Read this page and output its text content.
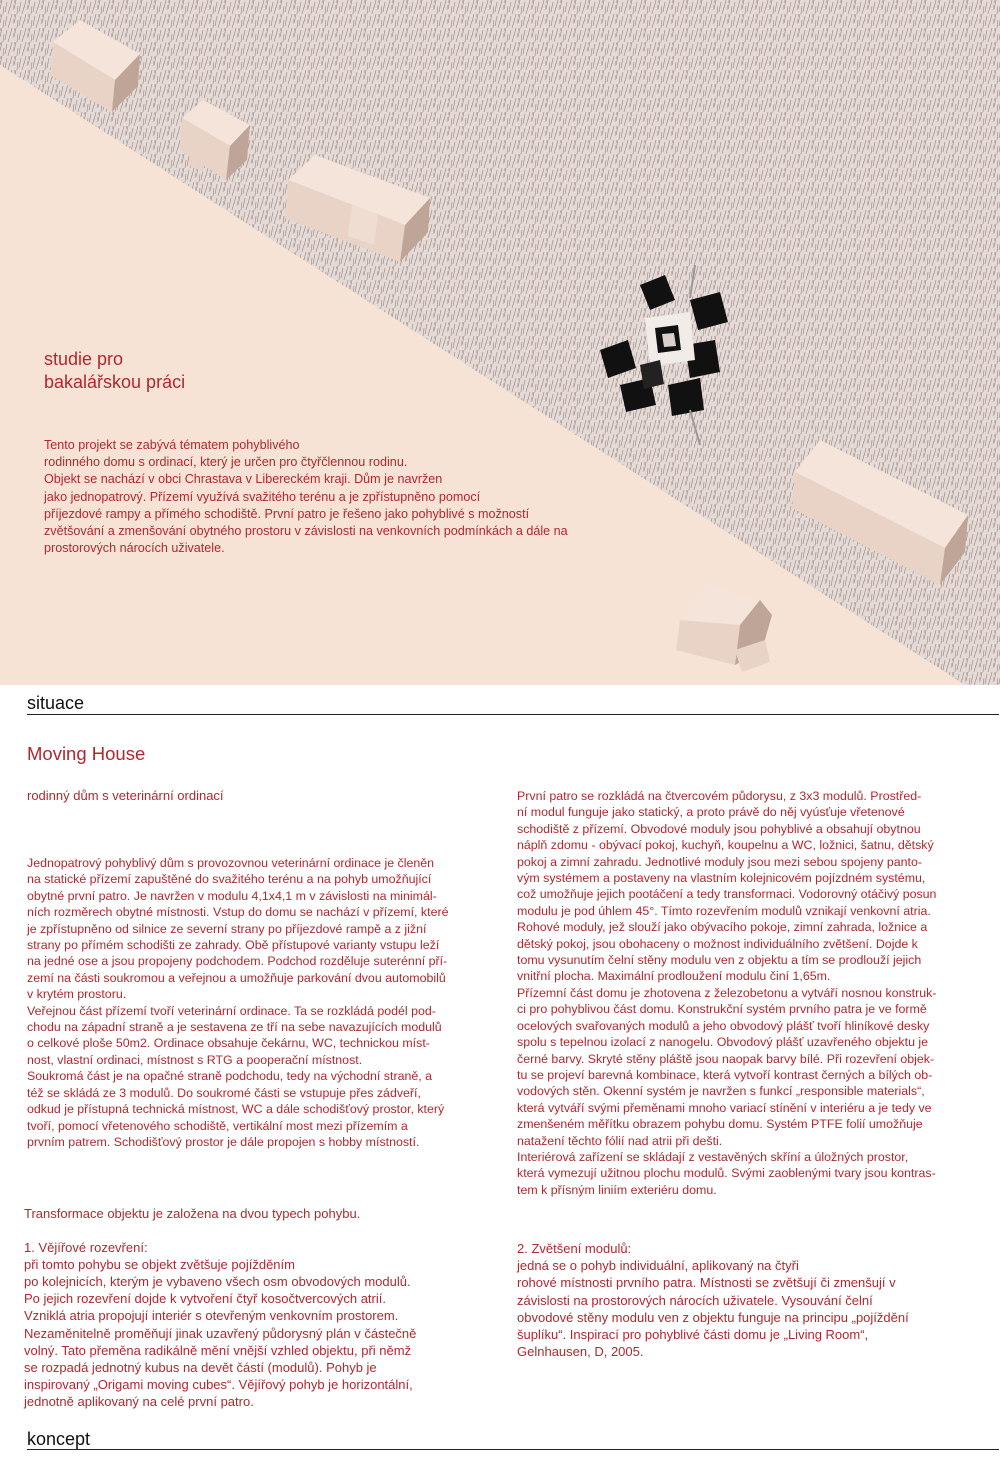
studie pro
bakalářskou práci
Tento projekt se zabývá tématem pohyblivého
rodinného domu s ordinací, který je určen pro čtyřčlennou rodinu.
Objekt se nachází v obci Chrastava v Libereckém kraji. Dům je navržen
jako jednopatrový. Přízemí využívá svažitého terénu a je zpřístupněno pomocí
příjezdové rampy a přímého schodiště. První patro je řešeno jako pohyblivé s možností
zvětšování a zmenšování obytného prostoru v závislosti na venkovních podmínkách a dále na
prostorových nárocích uživatele.
situace
Moving House
rodinný dům s veterinární ordinací
Jednopatrový pohyblivý dům s provozovnou veterinární ordinace je členěn
na statické přízemí zapuštěné do svažitého terénu a na pohyb umožňující
obytné první patro. Je navržen v modulu 4,1x4,1 m v závislosti na minimál-
ních rozměrech obytné místnosti. Vstup do domu se nachází v přízemí, které
je zpřístupněno od silnice ze severní strany po příjezdové rampě a z jižní
strany po přímém schodišti ze zahrady. Obě přístupové varianty vstupu leží
na jedné ose a jsou propojeny podchodem. Podchod rozděluje suterénní pří-
zemí na části soukromou a veřejnou a umožňuje parkování dvou automobilů
v krytém prostoru.
Veřejnou část přízemí tvoří veterinární ordinace. Ta se rozkládá podél pod-
chodu na západní straně a je sestavena ze tří na sebe navazujících modulů
o celkové ploše 50m2. Ordinace obsahuje čekárnu, WC, technickou míst-
nost, vlastní ordinaci, místnost s RTG a pooperační místnost.
Soukromá část je na opačné straně podchodu, tedy na východní straně, a
též se skládá ze 3 modulů. Do soukromé části se vstupuje přes zádveří,
odkud je přístupná technická místnost, WC a dále schodišťový prostor, který
tvoří, pomocí vřetenového schodiště, vertikální most mezi přízemím a
prvním patrem. Schodišťový prostor je dále propojen s hobby místností.
První patro se rozkládá na čtvercovém půdorysu, z 3x3 modulů. Prostřed-
ní modul funguje jako statický, a proto právě do něj vyúsťuje vřetenové
schodiště z přízemí. Obvodové moduly jsou pohyblivé a obsahují obytnou
náplň zdomu - obývací pokoj, kuchyň, koupelnu a WC, ložnici, šatnu, dětský
pokoj a zimní zahradu. Jednotlivé moduly jsou mezi sebou spojeny panto-
vým systémem a postaveny na vlastním kolejnicovém pojízdném systému,
což umožňuje jejich pootáčení a tedy transformaci. Vodorovný otáčivý posun
modulu je pod úhlem 45°. Tímto rozevřením modulů vznikají venkovní atria.
Rohové moduly, jež slouží jako obývacího pokoje, zimní zahrada, ložnice a
dětský pokoj, jsou obohaceny o možnost individuálního zvětšení. Dojde k
tomu vysunutím čelní stěny modulu ven z objektu a tím se prodlouží jejich
vnitřní plocha. Maximální prodloužení modulu činí 1,65m.
Přízemní část domu je zhotovena z železobetonu a vytváří nosnou konstruk-
ci pro pohyblivou část domu. Konstrukční systém prvního patra je ve formě
ocelových svařovaných modulů a jeho obvodový plášť tvoří hliníkové desky
spolu s tepelnou izolací z nanogelu. Obvodový plášť uzavřeného objektu je
černé barvy. Skryté stěny pláště jsou naopak barvy bílé. Při rozevření objek-
tu se projeví barevná kombinace, která vytvoří kontrast černých a bílých ob-
vodových stěn. Okenní systém je navržen s funkcí „responsible materials“,
která vytváří svými přeměnami mnoho variací stínění v interiéru a je tedy ve
zmenšeném měřítku obrazem pohybu domu. Systém PTFE folií umožňuje
natažení těchto fólií nad atrii při dešti.
Interiérová zařízení se skládají z vestavěných skříní a úložných prostor,
která vymezují užitnou plochu modulů. Svými zaoblenými tvary jsou kontras-
tem k přísným liniím exteriéru domu.
Transformace objektu je založena na dvou typech pohybu.
1. Vějířové rozevření:
při tomto pohybu se objekt zvětšuje pojížděním
po kolejnicích, kterým je vybaveno všech osm obvodových modulů.
Po jejich rozevření dojde k vytvoření čtyř kosočtvercových atrií.
Vzniklá atria propojují interiér s otevřeným venkovním prostorem.
Nezaměnitelně proměňují jinak uzavřený půdorysný plán v částečně
volný. Tato přeměna radikálně mění vnější vzhled objektu, při němž
se rozpadá jednotný kubus na devět částí (modulů). Pohyb je
inspirovaný „Origami moving cubes“. Vějířový pohyb je horizontální,
jednotně aplikovaný na celé první patro.
2. Zvětšení modulů:
jedná se o pohyb individuální, aplikovaný na čtyři
rohové místnosti prvního patra. Místnosti se zvětšují či zmenšují v
závislosti na prostorových nárocích uživatele. Vysouvání čelní
obvodové stěny modulu ven z objektu funguje na principu „pojíždění
šuplíku“. Inspirací pro pohyblivé části domu je „Living Room“,
Gelnhausen, D, 2005.
koncept
